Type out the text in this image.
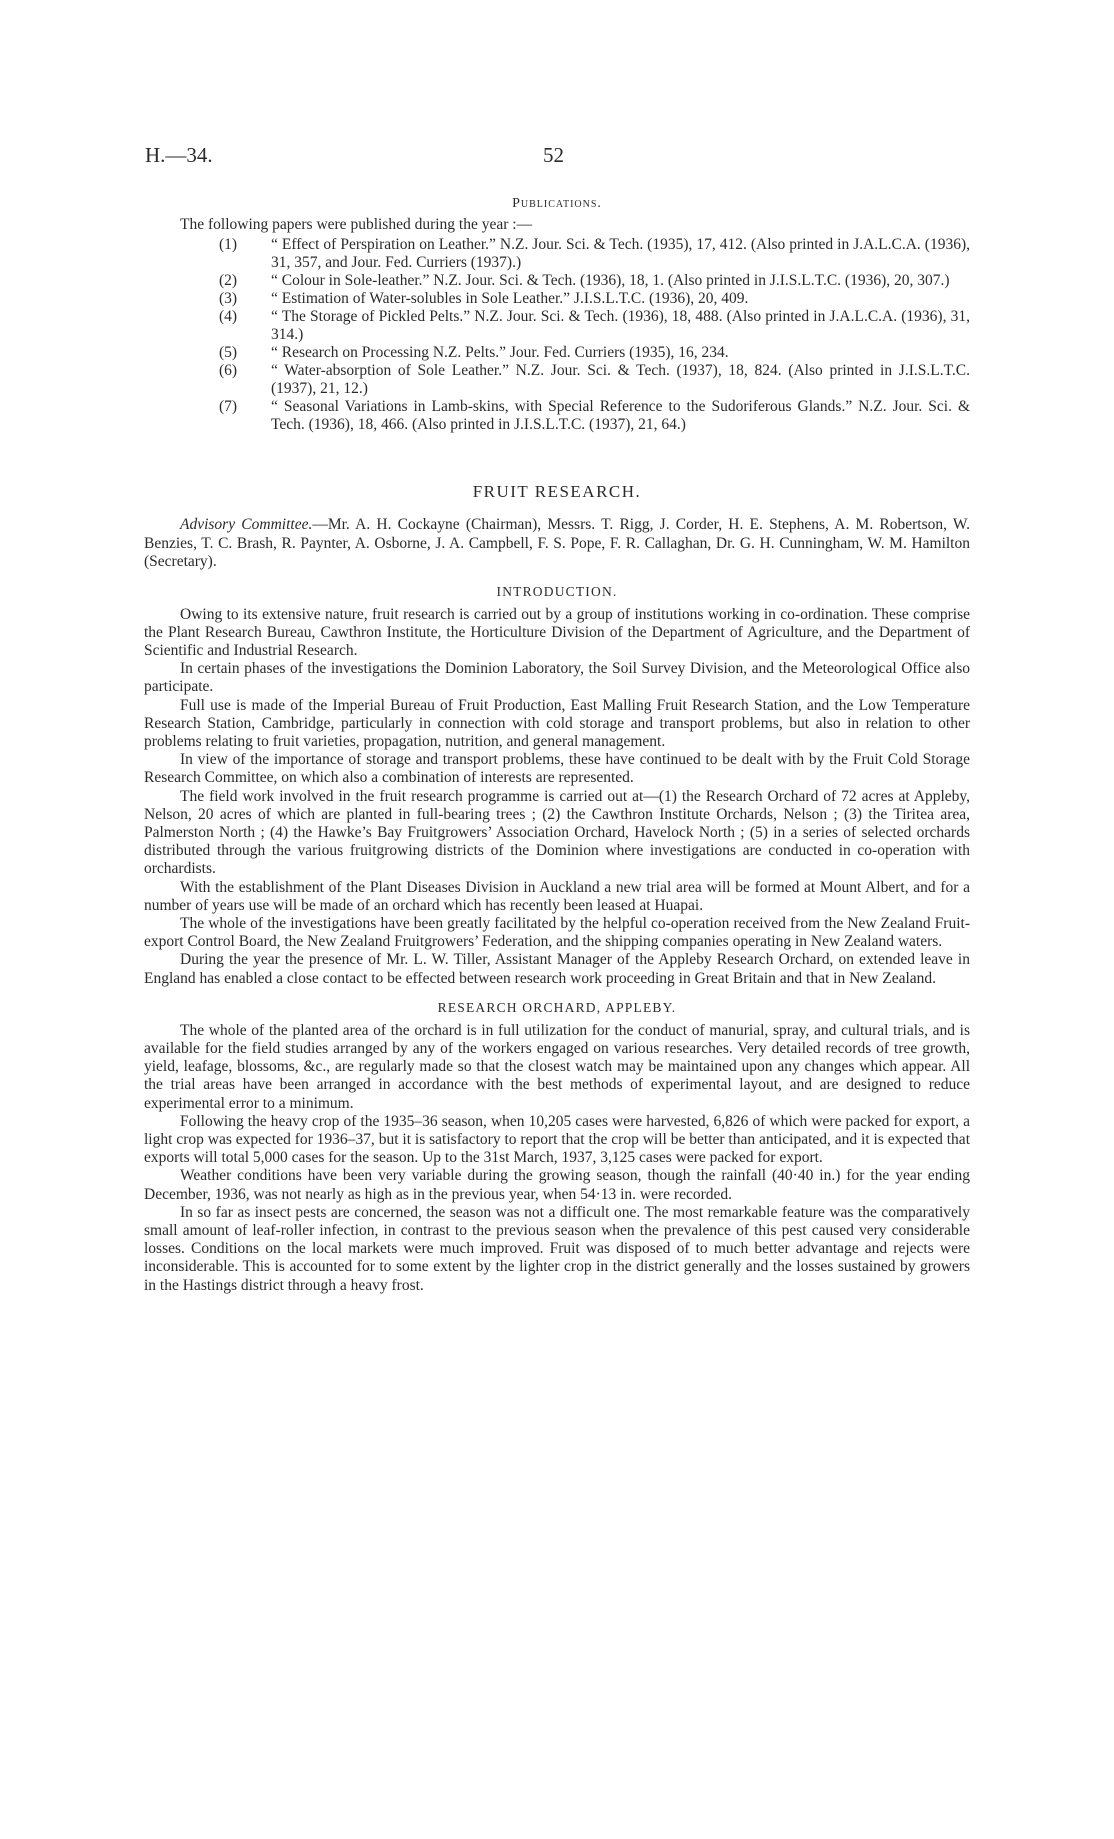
H.—34.	52
Publications.
The following papers were published during the year :—
(1) “ Effect of Perspiration on Leather.” N.Z. Jour. Sci. & Tech. (1935), 17, 412. (Also printed in J.A.L.C.A. (1936), 31, 357, and Jour. Fed. Curriers (1937).)
(2) “ Colour in Sole-leather.” N.Z. Jour. Sci. & Tech. (1936), 18, 1. (Also printed in J.I.S.L.T.C. (1936), 20, 307.)
(3) “ Estimation of Water-solubles in Sole Leather.” J.I.S.L.T.C. (1936), 20, 409.
(4) “ The Storage of Pickled Pelts.” N.Z. Jour. Sci. & Tech. (1936), 18, 488. (Also printed in J.A.L.C.A. (1936), 31, 314.)
(5) “ Research on Processing N.Z. Pelts.” Jour. Fed. Curriers (1935), 16, 234.
(6) “ Water-absorption of Sole Leather.” N.Z. Jour. Sci. & Tech. (1937), 18, 824. (Also printed in J.I.S.L.T.C. (1937), 21, 12.)
(7) “ Seasonal Variations in Lamb-skins, with Special Reference to the Sudoriferous Glands.” N.Z. Jour. Sci. & Tech. (1936), 18, 466. (Also printed in J.I.S.L.T.C. (1937), 21, 64.)
FRUIT RESEARCH.

Advisory Committee.—Mr. A. H. Cockayne (Chairman), Messrs. T. Rigg, J. Corder, H. E. Stephens, A. M. Robertson, W. Benzies, T. C. Brash, R. Paynter, A. Osborne, J. A. Campbell, F. S. Pope, F. R. Callaghan, Dr. G. H. Cunningham, W. M. Hamilton (Secretary).

INTRODUCTION.

Owing to its extensive nature, fruit research is carried out by a group of institutions working in co-ordination. These comprise the Plant Research Bureau, Cawthron Institute, the Horticulture Division of the Department of Agriculture, and the Department of Scientific and Industrial Research.

In certain phases of the investigations the Dominion Laboratory, the Soil Survey Division, and the Meteorological Office also participate.

Full use is made of the Imperial Bureau of Fruit Production, East Malling Fruit Research Station, and the Low Temperature Research Station, Cambridge, particularly in connection with cold storage and transport problems, but also in relation to other problems relating to fruit varieties, propagation, nutrition, and general management.

In view of the importance of storage and transport problems, these have continued to be dealt with by the Fruit Cold Storage Research Committee, on which also a combination of interests are represented.

The field work involved in the fruit research programme is carried out at—(1) the Research Orchard of 72 acres at Appleby, Nelson, 20 acres of which are planted in full-bearing trees ; (2) the Cawthron Institute Orchards, Nelson ; (3) the Tiritea area, Palmerston North ; (4) the Hawke’s Bay Fruitgrowers’ Association Orchard, Havelock North ; (5) in a series of selected orchards distributed through the various fruitgrowing districts of the Dominion where investigations are conducted in co-operation with orchardists.

With the establishment of the Plant Diseases Division in Auckland a new trial area will be formed at Mount Albert, and for a number of years use will be made of an orchard which has recently been leased at Huapai.

The whole of the investigations have been greatly facilitated by the helpful co-operation received from the New Zealand Fruit-export Control Board, the New Zealand Fruitgrowers’ Federation, and the shipping companies operating in New Zealand waters.

During the year the presence of Mr. L. W. Tiller, Assistant Manager of the Appleby Research Orchard, on extended leave in England has enabled a close contact to be effected between research work proceeding in Great Britain and that in New Zealand.

RESEARCH ORCHARD, APPLEBY.

The whole of the planted area of the orchard is in full utilization for the conduct of manurial, spray, and cultural trials, and is available for the field studies arranged by any of the workers engaged on various researches. Very detailed records of tree growth, yield, leafage, blossoms, &c., are regularly made so that the closest watch may be maintained upon any changes which appear. All the trial areas have been arranged in accordance with the best methods of experimental layout, and are designed to reduce experimental error to a minimum.

Following the heavy crop of the 1935–36 season, when 10,205 cases were harvested, 6,826 of which were packed for export, a light crop was expected for 1936–37, but it is satisfactory to report that the crop will be better than anticipated, and it is expected that exports will total 5,000 cases for the season. Up to the 31st March, 1937, 3,125 cases were packed for export.

Weather conditions have been very variable during the growing season, though the rainfall (40·40 in.) for the year ending December, 1936, was not nearly as high as in the previous year, when 54·13 in. were recorded.

In so far as insect pests are concerned, the season was not a difficult one. The most remarkable feature was the comparatively small amount of leaf-roller infection, in contrast to the previous season when the prevalence of this pest caused very considerable losses. Conditions on the local markets were much improved. Fruit was disposed of to much better advantage and rejects were inconsiderable. This is accounted for to some extent by the lighter crop in the district generally and the losses sustained by growers in the Hastings district through a heavy frost.
